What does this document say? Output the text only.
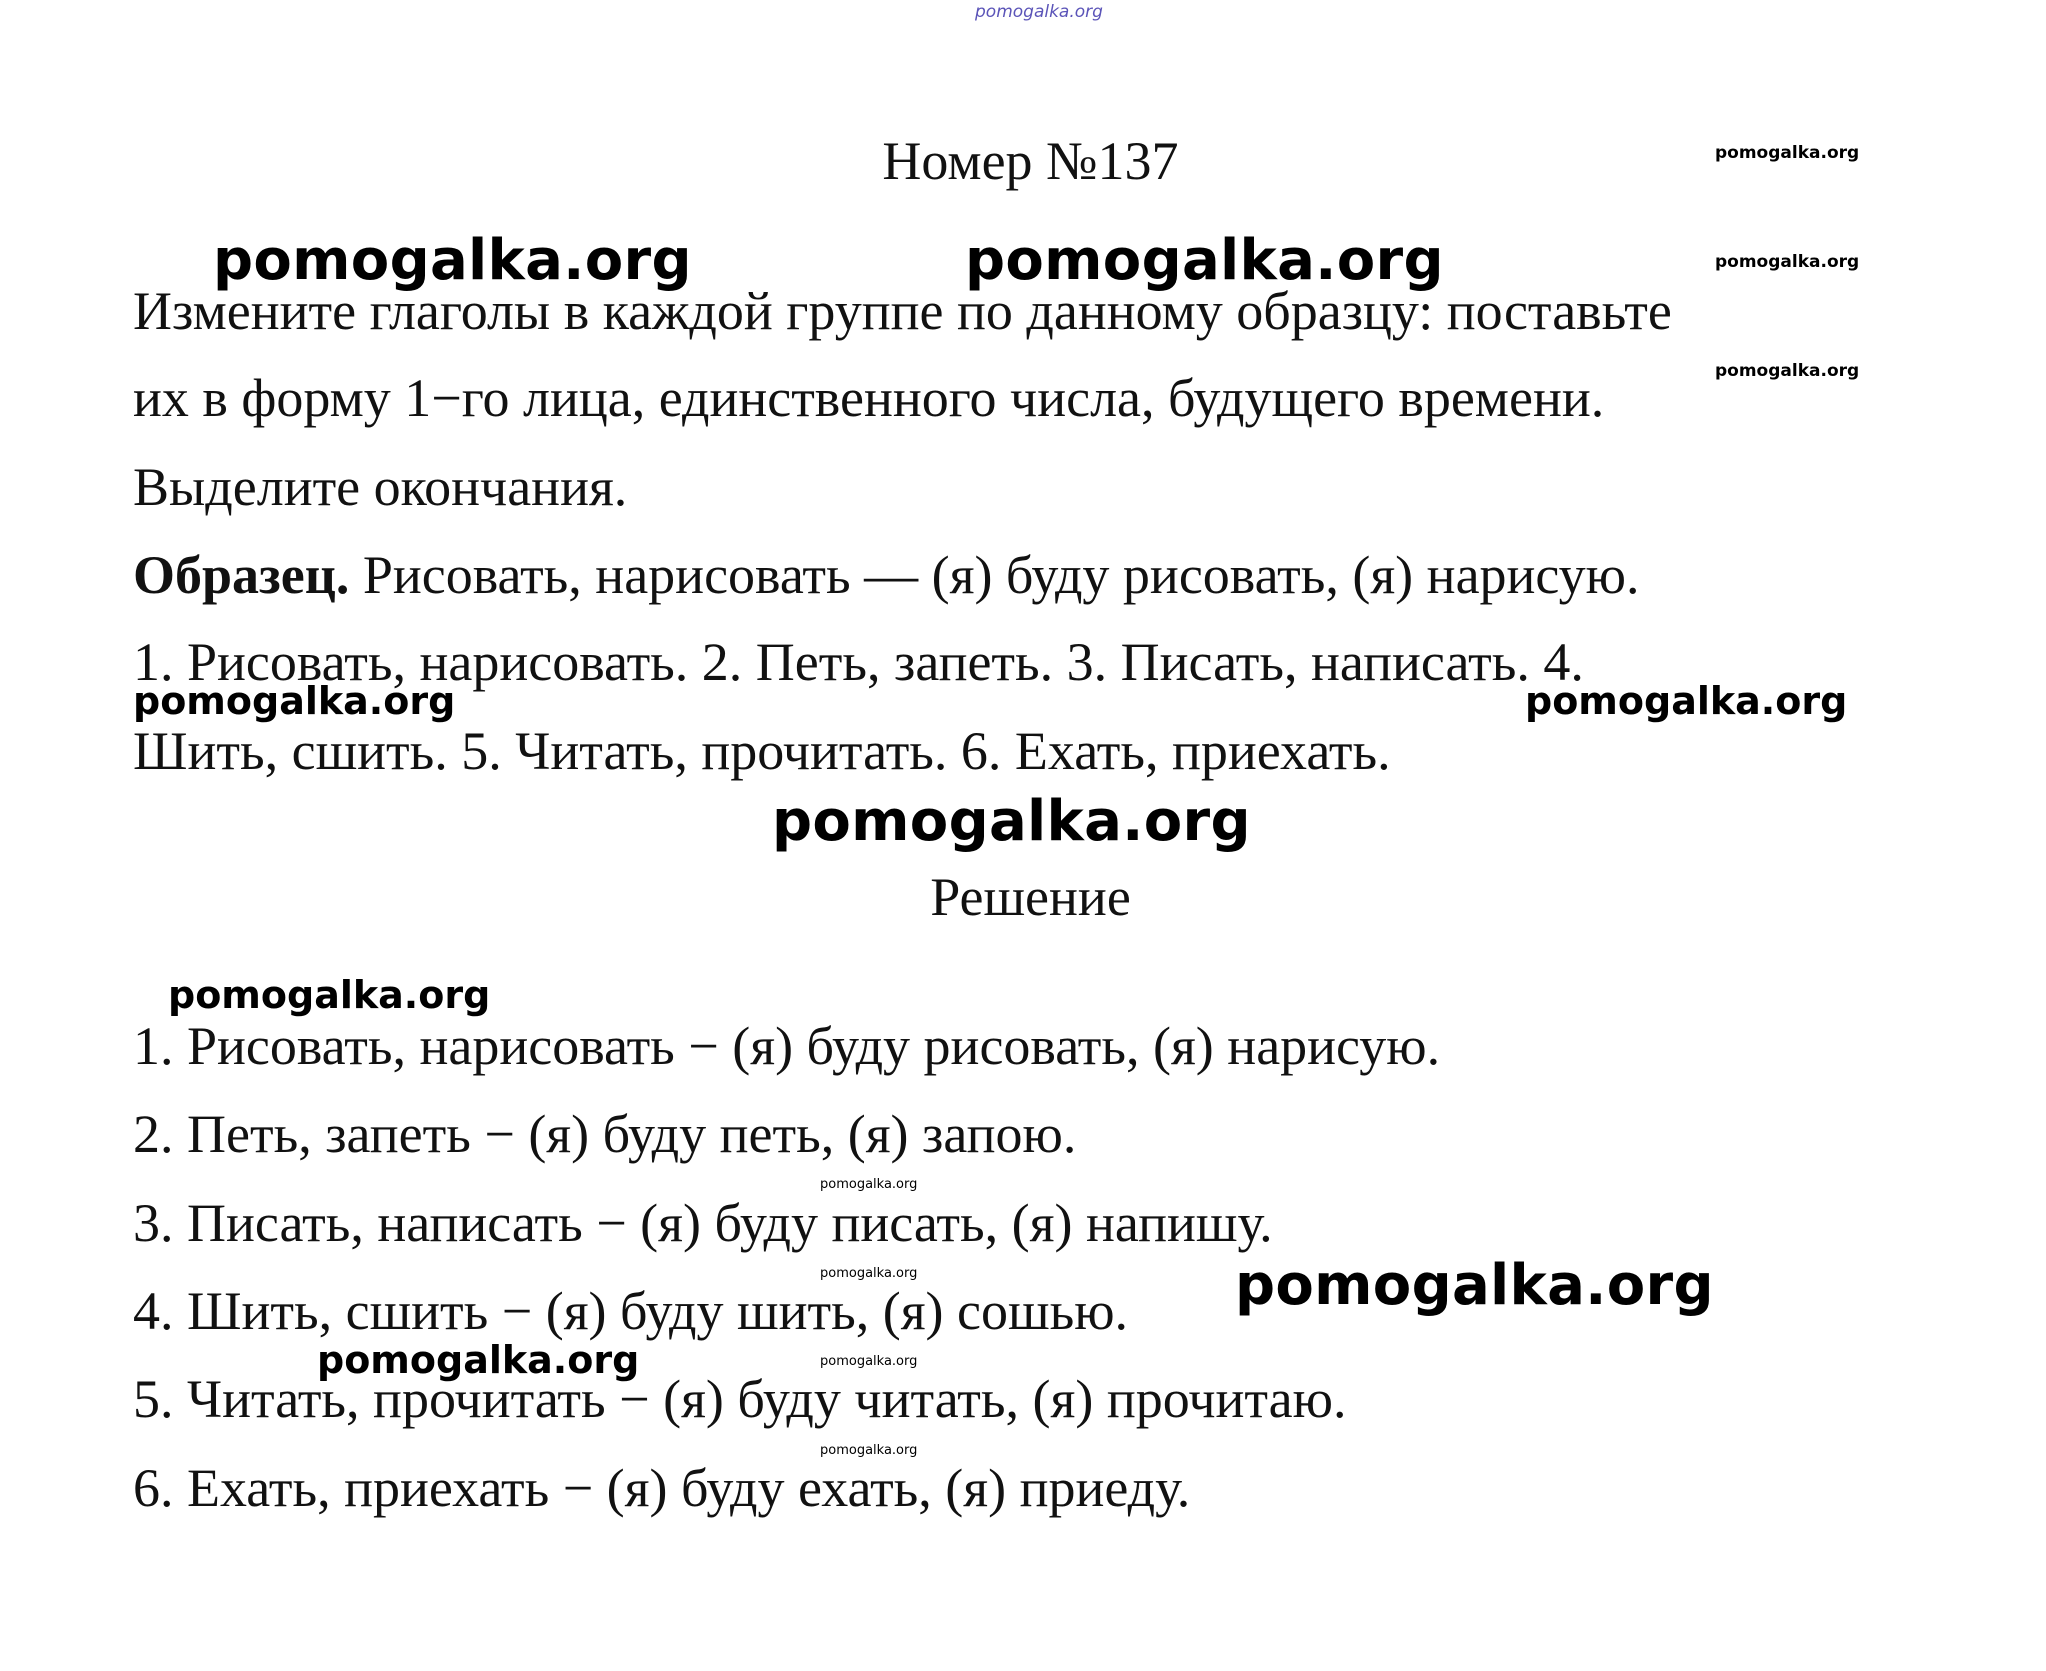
pomogalka.org
Номер №137	pomogalka.org
pomogalka.org
pomogalka.org
pomogalka.org	pomogalka.org
Измените глаголы в каждой группе по данному образцу: поставьте
их в форму 1−го лица, единственного числа, будущего времени.
Выделите окончания.
Образец. Рисовать, нарисовать — (я) буду рисовать, (я) нарисую.
1. Рисовать, нарисовать. 2. Петь, запеть. 3. Писать, написать. 4.
pomogalka.org	pomogalka.org
Шить, сшить. 5. Читать, прочитать. 6. Ехать, приехать.
pomogalka.org
Решение
pomogalka.org
1. Рисовать, нарисовать − (я) буду рисовать, (я) нарисую.
2. Петь, запеть − (я) буду петь, (я) запою.
pomogalka.org
3. Писать, написать − (я) буду писать, (я) напишу.
pomogalka.org
4. Шить, сшить − (я) буду шить, (я) сошью. pomogalka.org
pomogalka.org	pomogalka.org
5. Читать, прочитать − (я) буду читать, (я) прочитаю.
pomogalka.org
6. Ехать, приехать − (я) буду ехать, (я) приеду.
